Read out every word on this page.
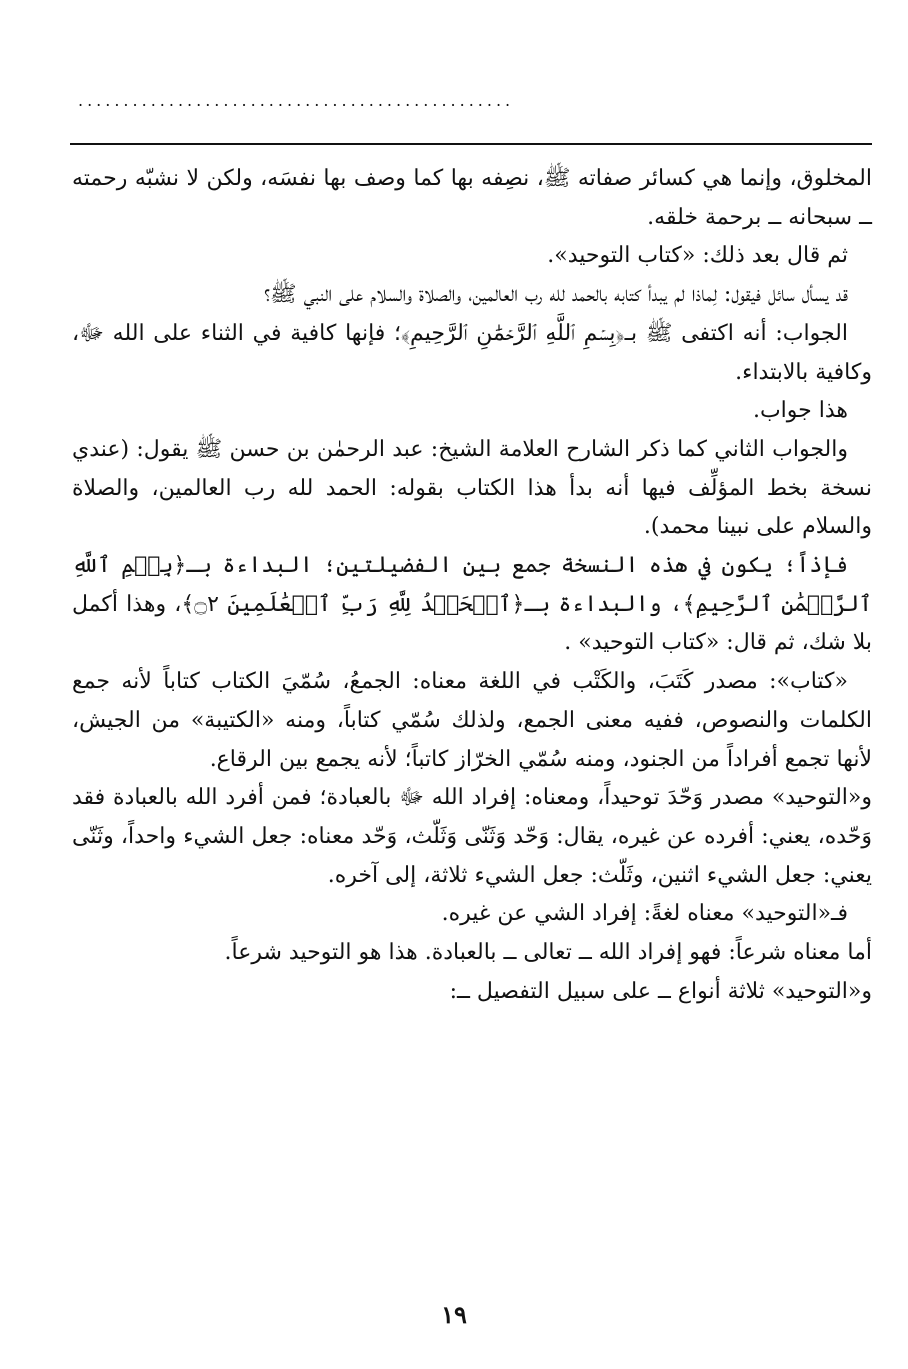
................................................

المخلوق، وإنما هي كسائر صفاته ﷺ، نصِفه بها كما وصف بها نفسَه، ولكن لا نشبّه رحمته ــ سبحانه ــ برحمة خلقه.

ثم قال بعد ذلك: «كتاب التوحيد».

قد يسأل سائل فيقول: لِماذا لم يبدأ كتابه بالحمد لله رب العالمين، والصلاة والسلام على النبي ﷺ؟

الجواب: أنه اكتفى ﷺ بـ﴿بِسۡمِ ٱللَّهِ ٱلرَّحۡمَٰنِ ٱلرَّحِيمِ﴾؛ فإنها كافية في الثناء على الله ﷻ، وكافية بالابتداء.

هذا جواب.

والجواب الثاني كما ذكر الشارح العلامة الشيخ: عبد الرحمٰن بن حسن ﷺ يقول: (عندي نسخة بخط المؤلِّف فيها أنه بدأ هذا الكتاب بقوله: الحمد لله رب العالمين، والصلاة والسلام على نبينا محمد).

فإذاً؛ يكون في هذه النسخة جمع بين الفضيلتين؛ البداءة بـ﴿بِسۡمِ ٱللَّهِ ٱلرَّحۡمَٰنِ ٱلرَّحِيمِ﴾، والبداءة بـ﴿ٱلۡحَمۡدُ لِلَّهِ رَبِّ ٱلۡعَٰلَمِينَ ۝٢﴾، وهذا أكمل بلا شك، ثم قال: «كتاب التوحيد» .

«كتاب»: مصدر كَتَبَ، والكَتْب في اللغة معناه: الجمعُ، سُمّيَ الكتاب كتاباً لأنه جمع الكلمات والنصوص، ففيه معنى الجمع، ولذلك سُمّي كتاباً، ومنه «الكتيبة» من الجيش، لأنها تجمع أفراداً من الجنود، ومنه سُمّي الخرّاز كاتباً؛ لأنه يجمع بين الرقاع.

و«التوحيد» مصدر وَحّدَ توحيداً، ومعناه: إفراد الله ﷻ بالعبادة؛ فمن أفرد الله بالعبادة فقد وَحّده، يعني: أفرده عن غيره، يقال: وَحّد وَثَنّى وَثَلّث، وَحّد معناه: جعل الشيء واحداً، وثَنّى يعني: جعل الشيء اثنين، وثَلّث: جعل الشيء ثلاثة، إلى آخره.

فـ«التوحيد» معناه لغةً: إفراد الشي عن غيره.

أما معناه شرعاً: فهو إفراد الله ــ تعالى ــ بالعبادة. هذا هو التوحيد شرعاً.

و«التوحيد» ثلاثة أنواع ــ على سبيل التفصيل ــ:

١٩
